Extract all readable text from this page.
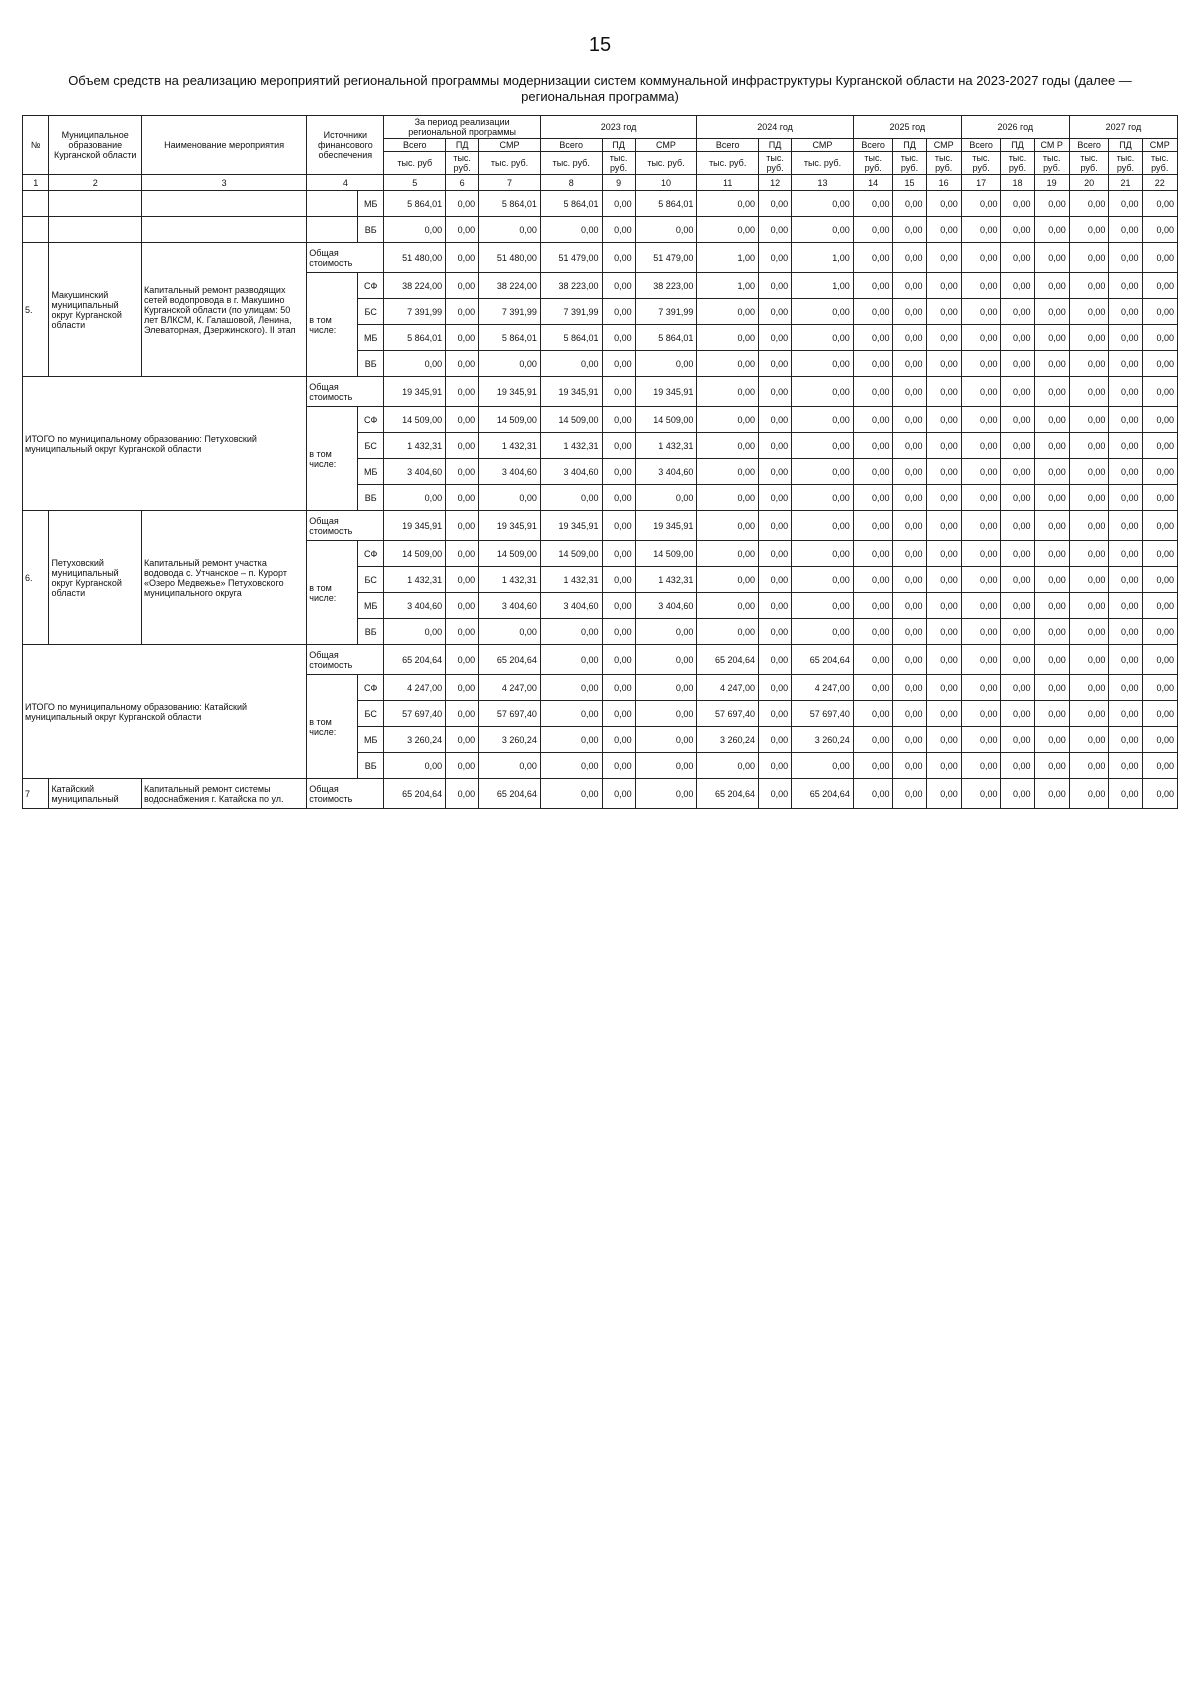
15
Объем средств на реализацию мероприятий региональной программы модернизации систем коммунальной инфраструктуры Курганской области на 2023-2027 годы (далее — региональная программа)
№	Муниципальное образование Курганской области	Наименование мероприятия	Источники финансового обеспечения		За период реализации региональной программы			2023 год			2024 год			2025 год			2026 год			2027 год		
					Всего	ПД	СМР	Всего	ПД	СМР	Всего	ПД	СМР	Всего	ПД	СМР	Всего	ПД	СМ Р	Всего	ПД	СМР
					тыс. руб	тыс. руб.	тыс. руб.	тыс. руб.	тыс. руб.	тыс. руб.	тыс. руб.	тыс. руб.	тыс. руб.	тыс. руб.	тыс. руб.	тыс. руб.	тыс. руб.	тыс. руб.	тыс. руб.	тыс. руб.	тыс. руб.	тыс. руб.
1	2	3	4		5	6	7	8	9	10	11	12	13	14	15	16	17	18	19	20	21	22
				МБ	5 864,01	0,00	5 864,01	5 864,01	0,00	5 864,01	0,00	0,00	0,00	0,00	0,00	0,00	0,00	0,00	0,00	0,00	0,00	0,00
				ВБ	0,00	0,00	0,00	0,00	0,00	0,00	0,00	0,00	0,00	0,00	0,00	0,00	0,00	0,00	0,00	0,00	0,00	0,00
5.	Макушинский муниципальный округ Курганской области	Капитальный ремонт разводящих сетей водопровода в г. Макушино Курганской области (по улицам: 50 лет ВЛКСМ, К. Галашовой, Ленина, Элеваторная, Дзержинского). II этап	Общая стоимость		51 480,00	0,00	51 480,00	51 479,00	0,00	51 479,00	1,00	0,00	1,00	0,00	0,00	0,00	0,00	0,00	0,00	0,00	0,00	0,00
			в том числе:	СФ	38 224,00	0,00	38 224,00	38 223,00	0,00	38 223,00	1,00	0,00	1,00	0,00	0,00	0,00	0,00	0,00	0,00	0,00	0,00	0,00
				БС	7 391,99	0,00	7 391,99	7 391,99	0,00	7 391,99	0,00	0,00	0,00	0,00	0,00	0,00	0,00	0,00	0,00	0,00	0,00	0,00
				МБ	5 864,01	0,00	5 864,01	5 864,01	0,00	5 864,01	0,00	0,00	0,00	0,00	0,00	0,00	0,00	0,00	0,00	0,00	0,00	0,00
				ВБ	0,00	0,00	0,00	0,00	0,00	0,00	0,00	0,00	0,00	0,00	0,00	0,00	0,00	0,00	0,00	0,00	0,00	0,00
ИТОГО по муниципальному образованию: Петуховский муниципальный округ Курганской области			Общая стоимость		19 345,91	0,00	19 345,91	19 345,91	0,00	19 345,91	0,00	0,00	0,00	0,00	0,00	0,00	0,00	0,00	0,00	0,00	0,00	0,00
			в том числе:	СФ	14 509,00	0,00	14 509,00	14 509,00	0,00	14 509,00	0,00	0,00	0,00	0,00	0,00	0,00	0,00	0,00	0,00	0,00	0,00	0,00
				БС	1 432,31	0,00	1 432,31	1 432,31	0,00	1 432,31	0,00	0,00	0,00	0,00	0,00	0,00	0,00	0,00	0,00	0,00	0,00	0,00
				МБ	3 404,60	0,00	3 404,60	3 404,60	0,00	3 404,60	0,00	0,00	0,00	0,00	0,00	0,00	0,00	0,00	0,00	0,00	0,00	0,00
				ВБ	0,00	0,00	0,00	0,00	0,00	0,00	0,00	0,00	0,00	0,00	0,00	0,00	0,00	0,00	0,00	0,00	0,00	0,00
6.	Петуховский муниципальный округ Курганской области	Капитальный ремонт участка водовода с. Утчанское – п. Курорт «Озеро Медвежье» Петуховского муниципального округа	Общая стоимость		19 345,91	0,00	19 345,91	19 345,91	0,00	19 345,91	0,00	0,00	0,00	0,00	0,00	0,00	0,00	0,00	0,00	0,00	0,00	0,00
			в том числе:	СФ	14 509,00	0,00	14 509,00	14 509,00	0,00	14 509,00	0,00	0,00	0,00	0,00	0,00	0,00	0,00	0,00	0,00	0,00	0,00	0,00
				БС	1 432,31	0,00	1 432,31	1 432,31	0,00	1 432,31	0,00	0,00	0,00	0,00	0,00	0,00	0,00	0,00	0,00	0,00	0,00	0,00
				МБ	3 404,60	0,00	3 404,60	3 404,60	0,00	3 404,60	0,00	0,00	0,00	0,00	0,00	0,00	0,00	0,00	0,00	0,00	0,00	0,00
				ВБ	0,00	0,00	0,00	0,00	0,00	0,00	0,00	0,00	0,00	0,00	0,00	0,00	0,00	0,00	0,00	0,00	0,00	0,00
ИТОГО по муниципальному образованию: Катайский муниципальный округ Курганской области			Общая стоимость		65 204,64	0,00	65 204,64	0,00	0,00	0,00	65 204,64	0,00	65 204,64	0,00	0,00	0,00	0,00	0,00	0,00	0,00	0,00	0,00
			в том числе:	СФ	4 247,00	0,00	4 247,00	0,00	0,00	0,00	4 247,00	0,00	4 247,00	0,00	0,00	0,00	0,00	0,00	0,00	0,00	0,00	0,00
				БС	57 697,40	0,00	57 697,40	0,00	0,00	0,00	57 697,40	0,00	57 697,40	0,00	0,00	0,00	0,00	0,00	0,00	0,00	0,00	0,00
				МБ	3 260,24	0,00	3 260,24	0,00	0,00	0,00	3 260,24	0,00	3 260,24	0,00	0,00	0,00	0,00	0,00	0,00	0,00	0,00	0,00
				ВБ	0,00	0,00	0,00	0,00	0,00	0,00	0,00	0,00	0,00	0,00	0,00	0,00	0,00	0,00	0,00	0,00	0,00	0,00
7	Катайский муниципальный	Капитальный ремонт системы водоснабжения г. Катайска по ул.	Общая стоимость		65 204,64	0,00	65 204,64	0,00	0,00	0,00	65 204,64	0,00	65 204,64	0,00	0,00	0,00	0,00	0,00	0,00	0,00	0,00	0,00
